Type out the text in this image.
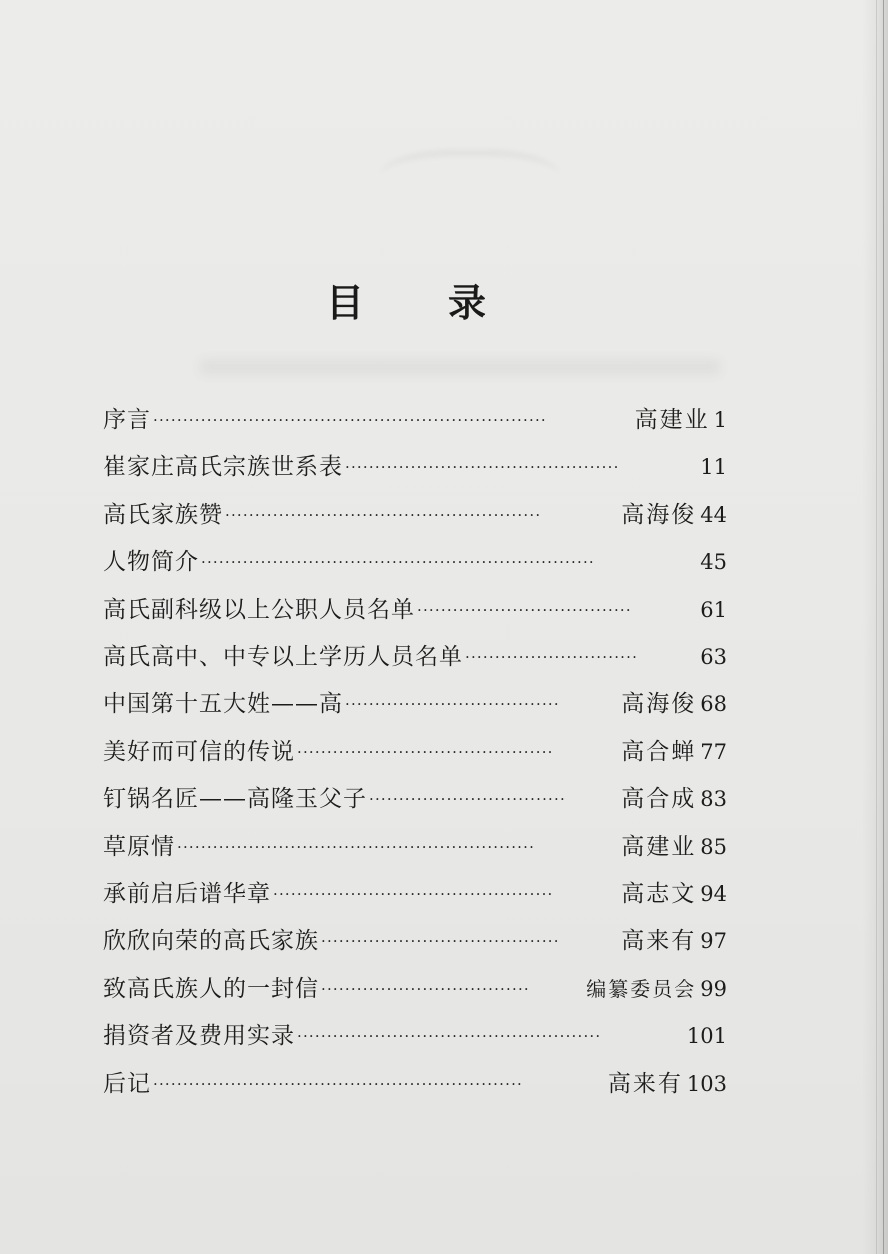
目 录
序言 ··································································	高建业 1
崔家庄高氏宗族世系表 ··············································	11
高氏家族赞 ·····················································	高海俊 44
人物简介 ··································································	45
高氏副科级以上公职人员名单 ····································	61
高氏高中、中专以上学历人员名单 ·····························	63
中国第十五大姓——高 ····································	高海俊 68
美好而可信的传说 ···········································	高合蝉 77
钉锅名匠——高隆玉父子 ·································	高合成 83
草原情 ····························································	高建业 85
承前启后谱华章 ···············································	高志文 94
欣欣向荣的高氏家族 ········································	高来有 97
致高氏族人的一封信 ···································	编纂委员会 99
捐资者及费用实录 ···················································	101
后记 ······························································	高来有 103
